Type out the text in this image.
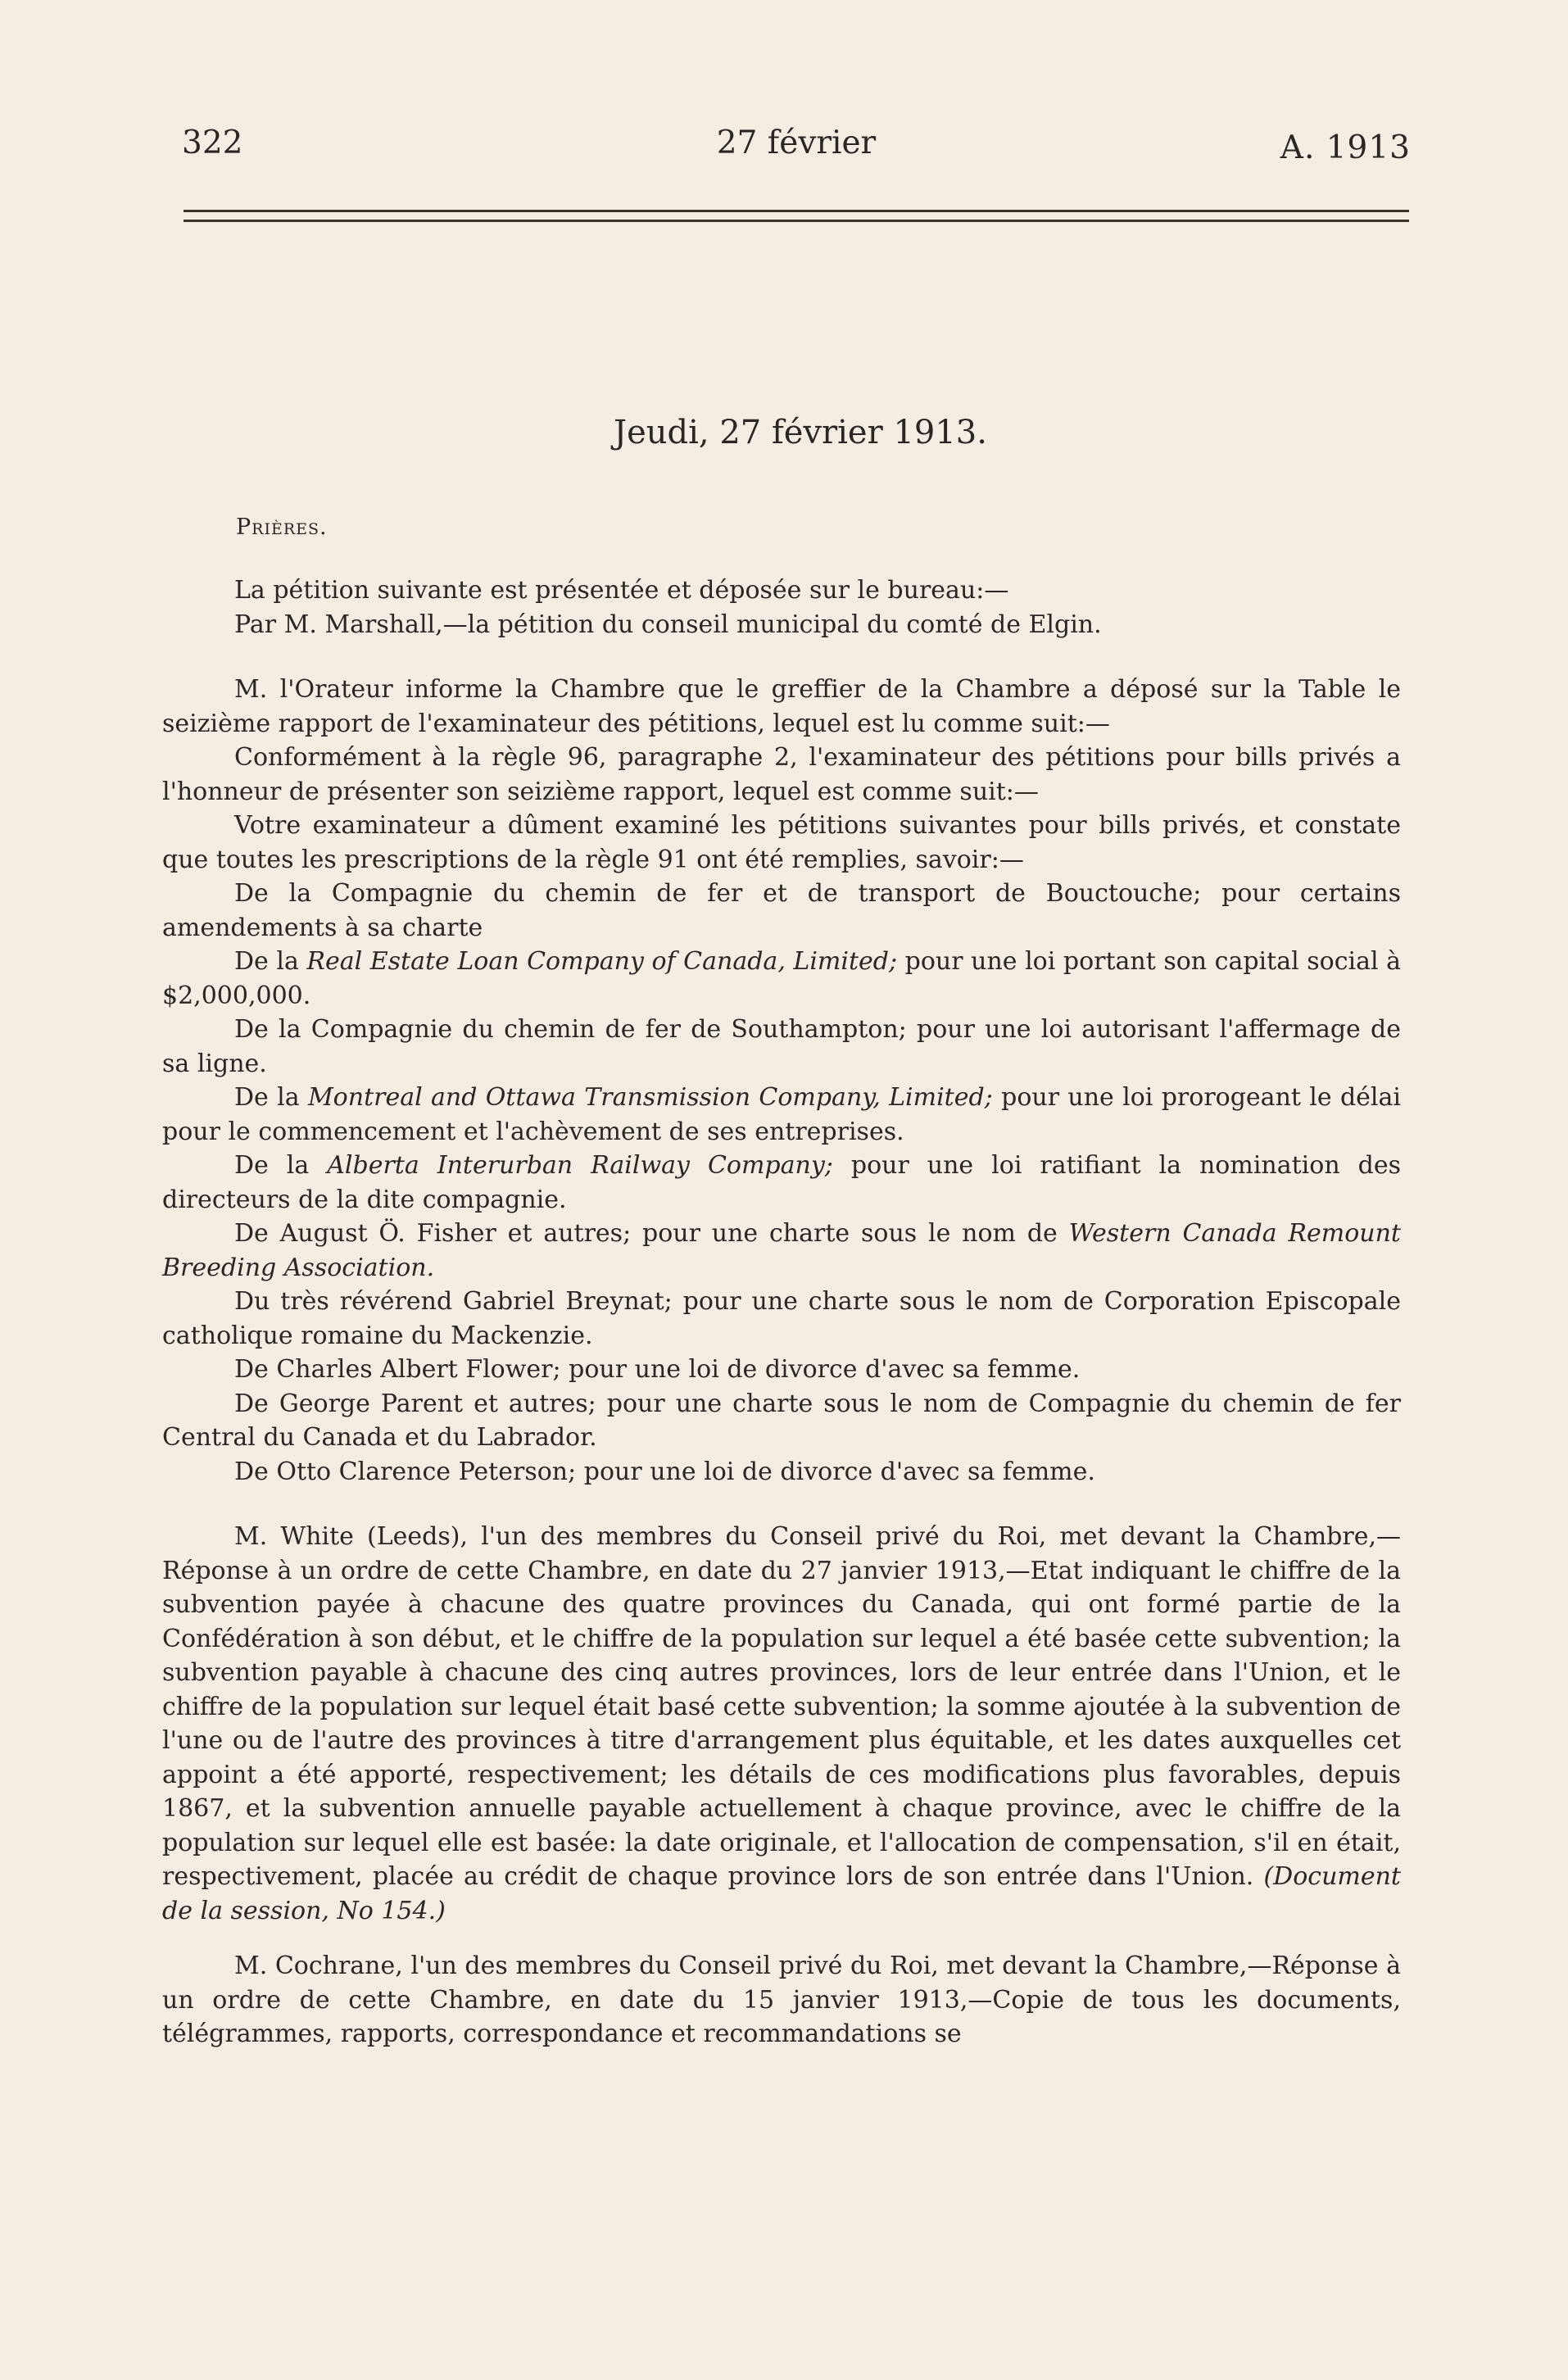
322	27 février	A. 1913
Jeudi, 27 février 1913.
Prières.

La pétition suivante est présentée et déposée sur le bureau:—

Par M. Marshall,—la pétition du conseil municipal du comté de Elgin.

M. l'Orateur informe la Chambre que le greffier de la Chambre a déposé sur la Table le seizième rapport de l'examinateur des pétitions, lequel est lu comme suit:—

Conformément à la règle 96, paragraphe 2, l'examinateur des pétitions pour bills privés a l'honneur de présenter son seizième rapport, lequel est comme suit:—

Votre examinateur a dûment examiné les pétitions suivantes pour bills privés, et constate que toutes les prescriptions de la règle 91 ont été remplies, savoir:—

De la Compagnie du chemin de fer et de transport de Bouctouche; pour certains amendements à sa charte

De la Real Estate Loan Company of Canada, Limited; pour une loi portant son capital social à $2,000,000.

De la Compagnie du chemin de fer de Southampton; pour une loi autorisant l'affermage de sa ligne.

De la Montreal and Ottawa Transmission Company, Limited; pour une loi prorogeant le délai pour le commencement et l'achèvement de ses entreprises.

De la Alberta Interurban Railway Company; pour une loi ratifiant la nomination des directeurs de la dite compagnie.

De August Ö. Fisher et autres; pour une charte sous le nom de Western Canada Remount Breeding Association.

Du très révérend Gabriel Breynat; pour une charte sous le nom de Corporation Episcopale catholique romaine du Mackenzie.

De Charles Albert Flower; pour une loi de divorce d'avec sa femme.

De George Parent et autres; pour une charte sous le nom de Compagnie du chemin de fer Central du Canada et du Labrador.

De Otto Clarence Peterson; pour une loi de divorce d'avec sa femme.

M. White (Leeds), l'un des membres du Conseil privé du Roi, met devant la Chambre,—Réponse à un ordre de cette Chambre, en date du 27 janvier 1913,—Etat indiquant le chiffre de la subvention payée à chacune des quatre provinces du Canada, qui ont formé partie de la Confédération à son début, et le chiffre de la population sur lequel a été basée cette subvention; la subvention payable à chacune des cinq autres provinces, lors de leur entrée dans l'Union, et le chiffre de la population sur lequel était basé cette subvention; la somme ajoutée à la subvention de l'une ou de l'autre des provinces à titre d'arrangement plus équitable, et les dates auxquelles cet appoint a été apporté, respectivement; les détails de ces modifications plus favorables, depuis 1867, et la subvention annuelle payable actuellement à chaque province, avec le chiffre de la population sur lequel elle est basée: la date originale, et l'allocation de compensation, s'il en était, respectivement, placée au crédit de chaque province lors de son entrée dans l'Union. (Document de la session, No 154.)

M. Cochrane, l'un des membres du Conseil privé du Roi, met devant la Chambre,—Réponse à un ordre de cette Chambre, en date du 15 janvier 1913,—Copie de tous les documents, télégrammes, rapports, correspondance et recommandations se
